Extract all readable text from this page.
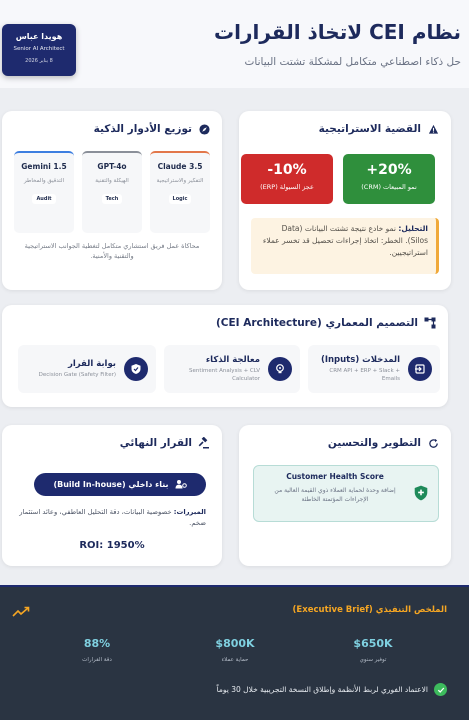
نظام CEI لاتخاذ القرارات
حل ذكاء اصطناعي متكامل لمشكلة تشتت البيانات
هويدا عباس
Senior AI Architect
8 يناير 2026
القضية الاستراتيجية
+20%
نمو المبيعات (CRM)
-10%
عجز السيولة (ERP)
التحليل: نمو خادع نتيجة تشتت البيانات (Data Silos). الخطر: اتخاذ إجراءات تحصيل قد تخسر عملاء استراتيجيين.
توزيع الأدوار الذكية
Claude 3.5
التفكير والاستراتيجية
Logic
GPT-4o
الهيكلة والتقنية
Tech
Gemini 1.5
التدقيق والمخاطر
Audit
محاكاة عمل فريق استشاري متكامل لتغطية الجوانب الاستراتيجية والتقنية والأمنية.
التصميم المعماري (CEI Architecture)
المدخلات (Inputs)
CRM API + ERP + Slack + Emails
معالجة الذكاء
Sentiment Analysis + CLV Calculator
بوابة القرار
Decision Gate (Safety Filter)
التطوير والتحسين
Customer Health Score
إضافة وحدة لحماية العملاء ذوي القيمة العالية من الإجراءات المؤتمتة الخاطئة
القرار النهائي
بناء داخلي (Build In-house)
المبررات: خصوصية البيانات، دقة التحليل العاطفي، وعائد استثمار ضخم.
ROI: 1950%
الملخص التنفيذي (Executive Brief)
$650K
توفير سنوي
$800K
حماية عملاء
88%
دقة القرارات
الاعتماد الفوري لربط الأنظمة وإطلاق النسخة التجريبية خلال 30 يوماً
